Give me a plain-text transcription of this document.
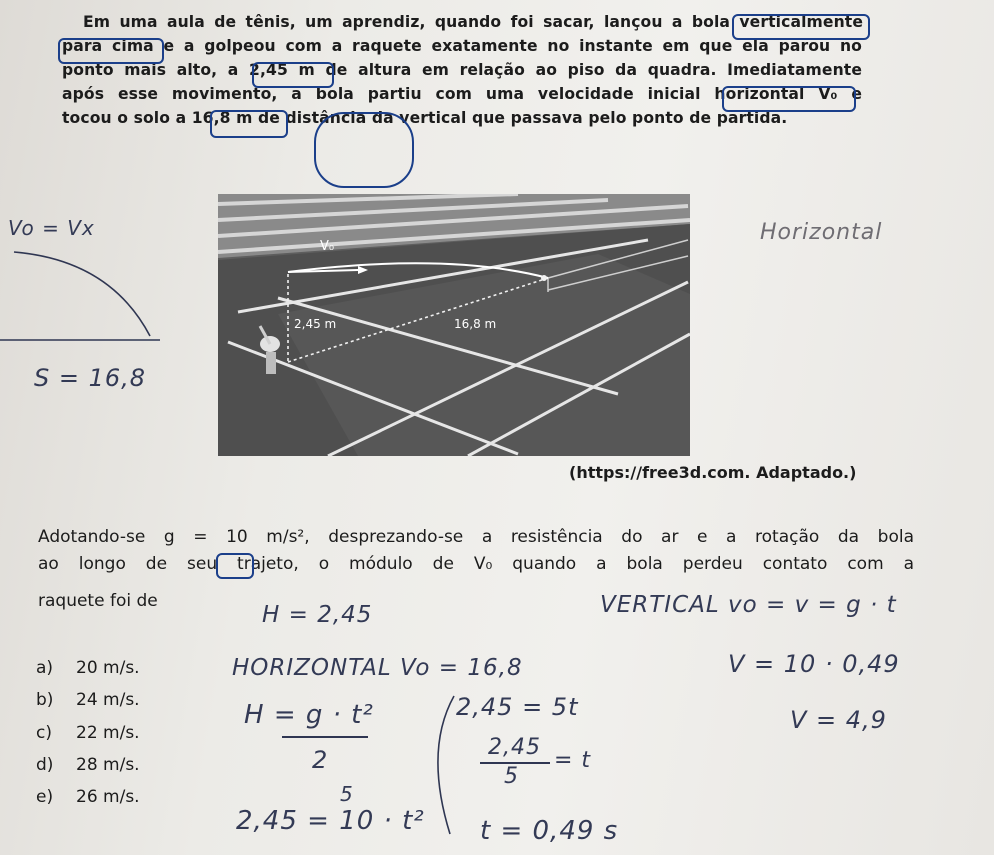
Em uma aula de tênis, um aprendiz, quando foi sacar, lançou a bola verticalmente
para cima e a golpeou com a raquete exatamente no instante em que ela parou no
ponto mais alto, a 2,45 m de altura em relação ao piso da quadra. Imediatamente
após esse movimento, a bola partiu com uma velocidade inicial horizontal V₀ e
tocou o solo a 16,8 m de distância da vertical que passava pelo ponto de partida.
V₀
2,45 m	16,8 m
(https://free3d.com. Adaptado.)
Adotando-se g = 10 m/s², desprezando-se a resistência do ar e a rotação da bola
ao longo de seu trajeto, o módulo de V₀ quando a bola perdeu contato com a
raquete foi de
a) 20 m/s.
b) 24 m/s.
c) 22 m/s.
d) 28 m/s.
e) 26 m/s.
Vo = Vx
S = 16,8
Horizontal
H = 2,45	VERTICAL vo = v = g · t
HORIZONTAL Vo = 16,8	V = 10 · 0,49
V = 4,9
H = g · t²
2
2,45 = 5t
2,45
5
= t
5
2,45 = 10 · t² t = 0,49 s
